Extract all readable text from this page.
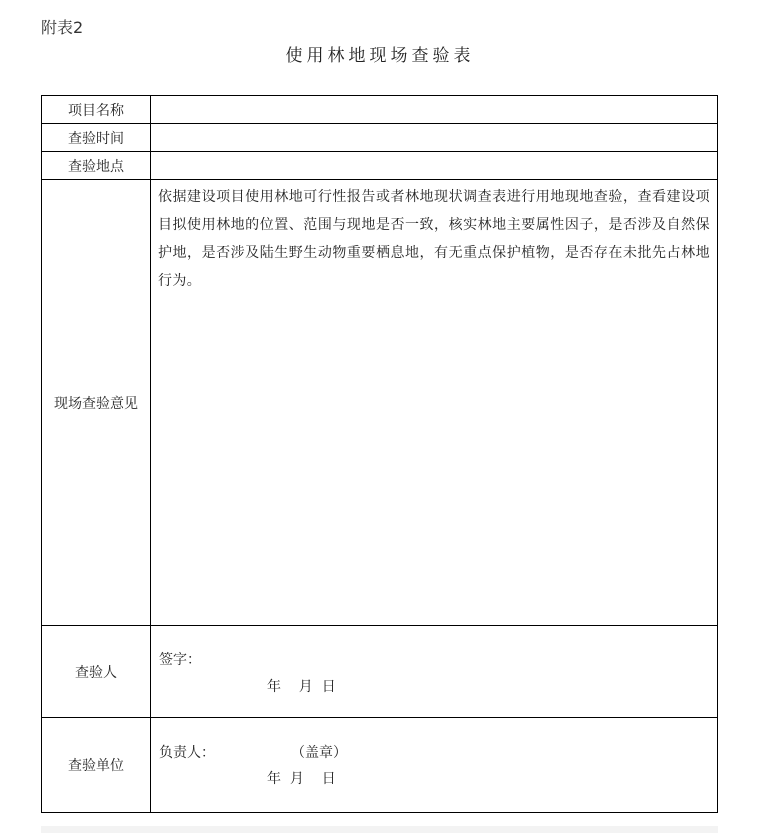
附表2
使用林地现场查验表
项目名称	
查验时间	
查验地点	
现场查验意见	依据建设项目使用林地可行性报告或者林地现状调查表进行用地现地查验，查看建设项目拟使用林地的位置、范围与现地是否一致，核实林地主要属性因子，是否涉及自然保护地，是否涉及陆生野生动物重要栖息地，有无重点保护植物，是否存在未批先占林地行为。

查验人	签字：
年    月  日

查验单位	负责人： （盖章）
年  月    日
